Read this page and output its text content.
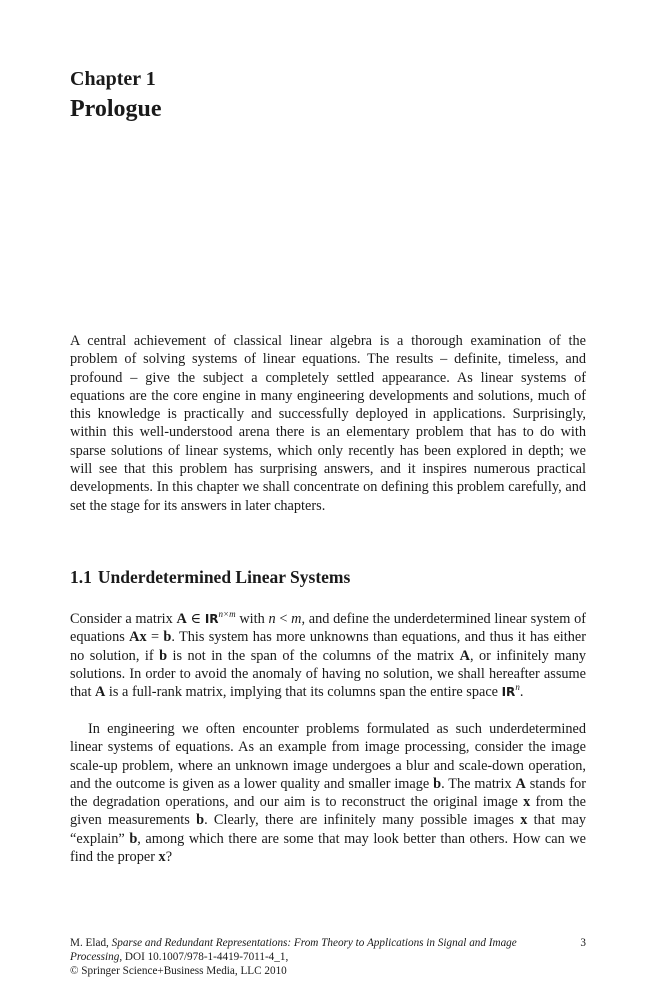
Chapter 1
Prologue

A central achievement of classical linear algebra is a thorough examination of the problem of solving systems of linear equations. The results – definite, timeless, and profound – give the subject a completely settled appearance. As linear systems of equations are the core engine in many engineering developments and solutions, much of this knowledge is practically and successfully deployed in applications. Surprisingly, within this well-understood arena there is an elementary problem that has to do with sparse solutions of linear systems, which only recently has been explored in depth; we will see that this problem has surprising answers, and it inspires numerous practical developments. In this chapter we shall concentrate on defining this problem carefully, and set the stage for its answers in later chapters.

1.1 Underdetermined Linear Systems

Consider a matrix A ∈ $IR^{n\times m}$ with n < m, and define the underdetermined linear system of equations Ax = b. This system has more unknowns than equations, and thus it has either no solution, if b is not in the span of the columns of the matrix A, or infinitely many solutions. In order to avoid the anomaly of having no solution, we shall hereafter assume that A is a full-rank matrix, implying that its columns span the entire space $IR^n$.

In engineering we often encounter problems formulated as such underdetermined linear systems of equations. As an example from image processing, consider the image scale-up problem, where an unknown image undergoes a blur and scale-down operation, and the outcome is given as a lower quality and smaller image b. The matrix A stands for the degradation operations, and our aim is to reconstruct the original image x from the given measurements b. Clearly, there are infinitely many possible images x that may “explain” b, among which there are some that may look better than others. How can we find the proper x?

M. Elad, Sparse and Redundant Representations: From Theory to Applications in Signal and Image Processing, DOI 10.1007/978-1-4419-7011-4_1,
3
© Springer Science+Business Media, LLC 2010
